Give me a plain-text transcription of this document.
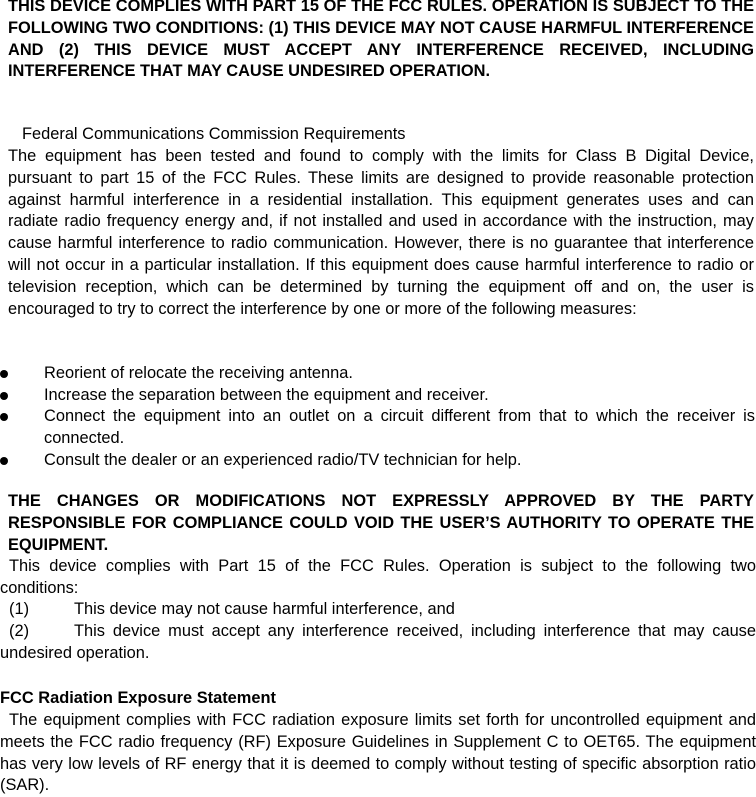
THIS DEVICE COMPLIES WITH PART 15 OF THE FCC RULES. OPERATION IS SUBJECT TO THE FOLLOWING TWO CONDITIONS: (1) THIS DEVICE MAY NOT CAUSE HARMFUL INTERFERENCE AND (2) THIS DEVICE MUST ACCEPT ANY INTERFERENCE RECEIVED, INCLUDING INTERFERENCE THAT MAY CAUSE UNDESIRED OPERATION.

Federal Communications Commission Requirements

The equipment has been tested and found to comply with the limits for Class B Digital Device, pursuant to part 15 of the FCC Rules. These limits are designed to provide reasonable protection against harmful interference in a residential installation. This equipment generates uses and can radiate radio frequency energy and, if not installed and used in accordance with the instruction, may cause harmful interference to radio communication. However, there is no guarantee that interference will not occur in a particular installation. If this equipment does cause harmful interference to radio or television reception, which can be determined by turning the equipment off and on, the user is encouraged to try to correct the interference by one or more of the following measures:

Reorient of relocate the receiving antenna.
Increase the separation between the equipment and receiver.
Connect the equipment into an outlet on a circuit different from that to which the receiver is connected.
Consult the dealer or an experienced radio/TV technician for help.

THE CHANGES OR MODIFICATIONS NOT EXPRESSLY APPROVED BY THE PARTY RESPONSIBLE FOR COMPLIANCE COULD VOID THE USER’S AUTHORITY TO OPERATE THE EQUIPMENT.

This device complies with Part 15 of the FCC Rules. Operation is subject to the following two conditions:

(1)	This device may not cause harmful interference, and

(2)	This device must accept any interference received, including interference that may cause undesired operation.

FCC Radiation Exposure Statement

The equipment complies with FCC radiation exposure limits set forth for uncontrolled equipment and meets the FCC radio frequency (RF) Exposure Guidelines in Supplement C to OET65. The equipment has very low levels of RF energy that it is deemed to comply without testing of specific absorption ratio (SAR).
